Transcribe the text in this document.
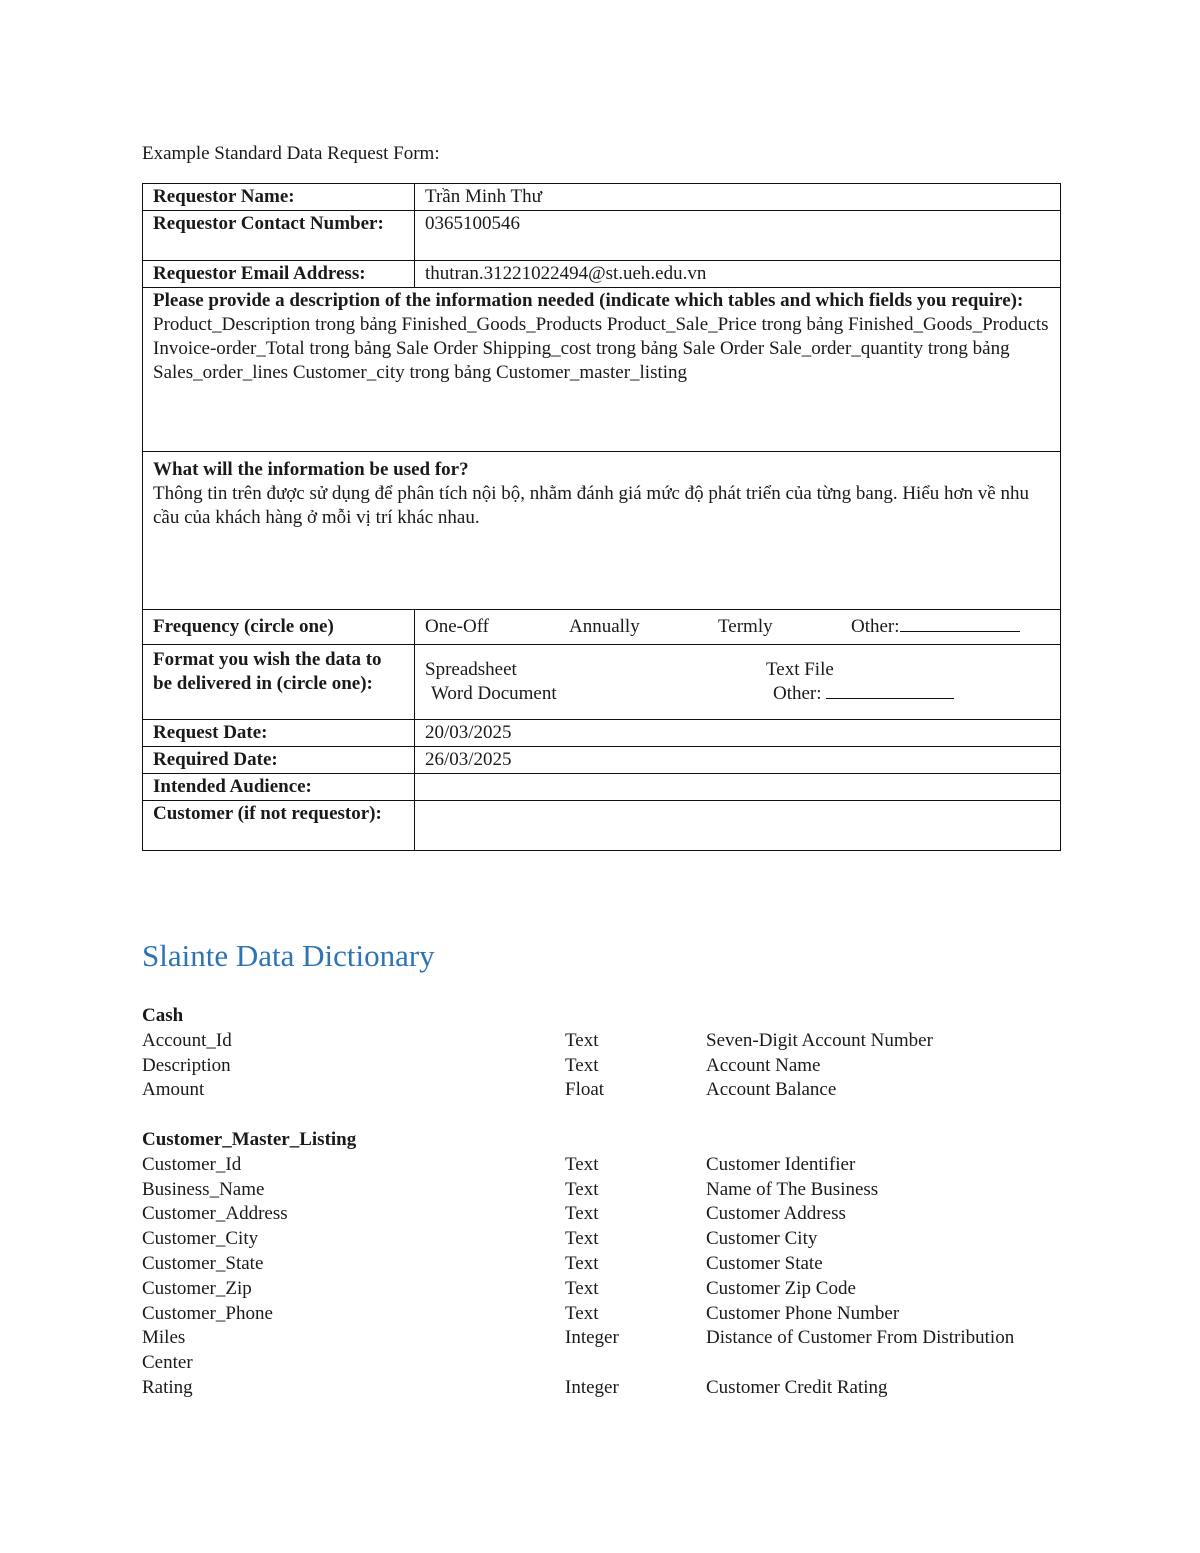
Example Standard Data Request Form:
Requestor Name:	Trần Minh Thư
Requestor Contact Number:	0365100546
Requestor Email Address:	thutran.31221022494@st.ueh.edu.vn

Please provide a description of the information needed (indicate which tables and which fields you require):
Product_Description trong bảng Finished_Goods_Products Product_Sale_Price trong bảng Finished_Goods_Products Invoice-order_Total trong bảng Sale Order Shipping_cost trong bảng Sale Order Sale_order_quantity trong bảng Sales_order_lines Customer_city trong bảng Customer_master_listing	

What will the information be used for?
Thông tin trên được sử dụng để phân tích nội bộ, nhằm đánh giá mức độ phát triển của từng bang. Hiểu hơn về nhu cầu của khách hàng ở mỗi vị trí khác nhau.	

Frequency (circle one)	One-Off Annually Termly Other:

Format you wish the data to be delivered in (circle one):	Spreadsheet Text File
Word Document Other:

Request Date:	20/03/2025
Required Date:	26/03/2025
Intended Audience:	
Customer (if not requestor):	
Slainte Data Dictionary
Cash
Account_Id	Text	Seven-Digit Account Number
Description	Text	Account Name
Amount	Float	Account Balance
Customer_Master_Listing
Customer_Id	Text	Customer Identifier
Business_Name	Text	Name of The Business
Customer_Address	Text	Customer Address
Customer_City	Text	Customer City
Customer_State	Text	Customer State
Customer_Zip	Text	Customer Zip Code
Customer_Phone	Text	Customer Phone Number
Miles	Integer	Distance of Customer From Distribution
Center
Rating	Integer	Customer Credit Rating
